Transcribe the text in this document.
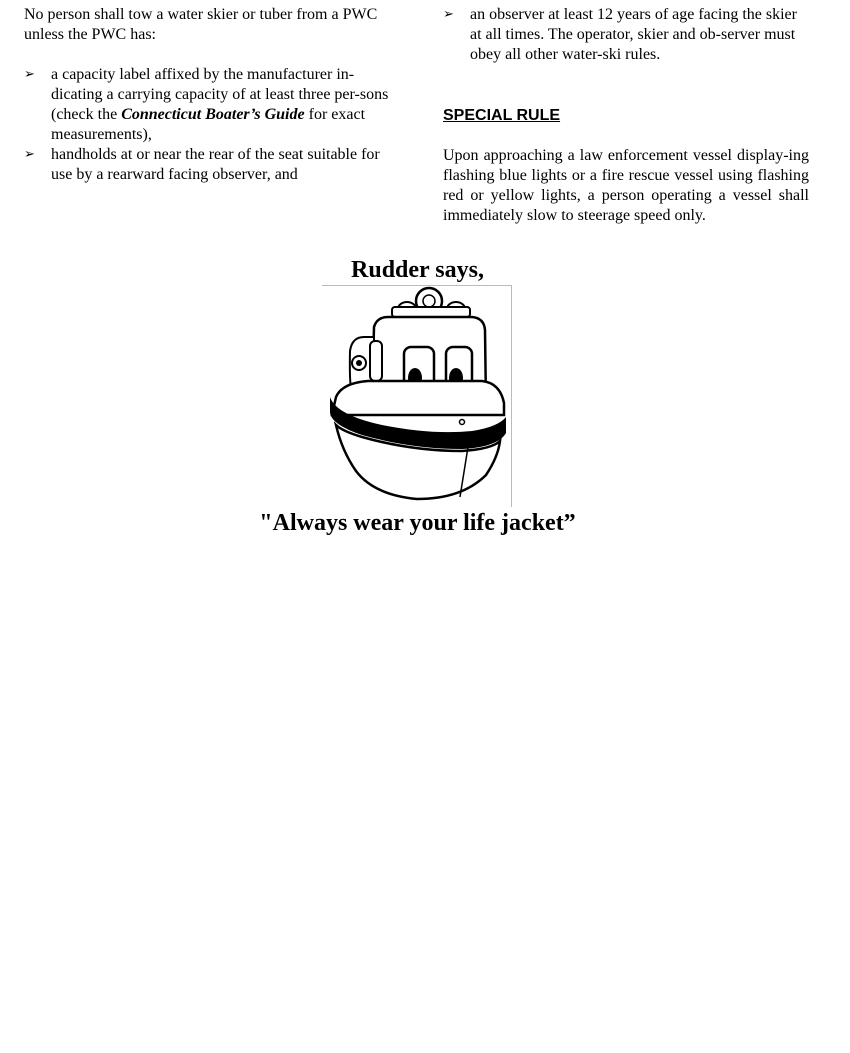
No person shall tow a water skier or tuber from a PWC unless the PWC has:

➢ a capacity label affixed by the manufacturer in-dicating a carrying capacity of at least three per-sons (check the Connecticut Boater’s Guide for exact measurements),
➢ handholds at or near the rear of the seat suitable for use by a rearward facing observer, and
➢ an observer at least 12 years of age facing the skier at all times. The operator, skier and ob-server must obey all other water-ski rules.

SPECIAL RULE

Upon approaching a law enforcement vessel display-ing flashing blue lights or a fire rescue vessel using flashing red or yellow lights, a person operating a vessel shall immediately slow to steerage speed only.

Rudder says,
"Always wear your life jacket”
